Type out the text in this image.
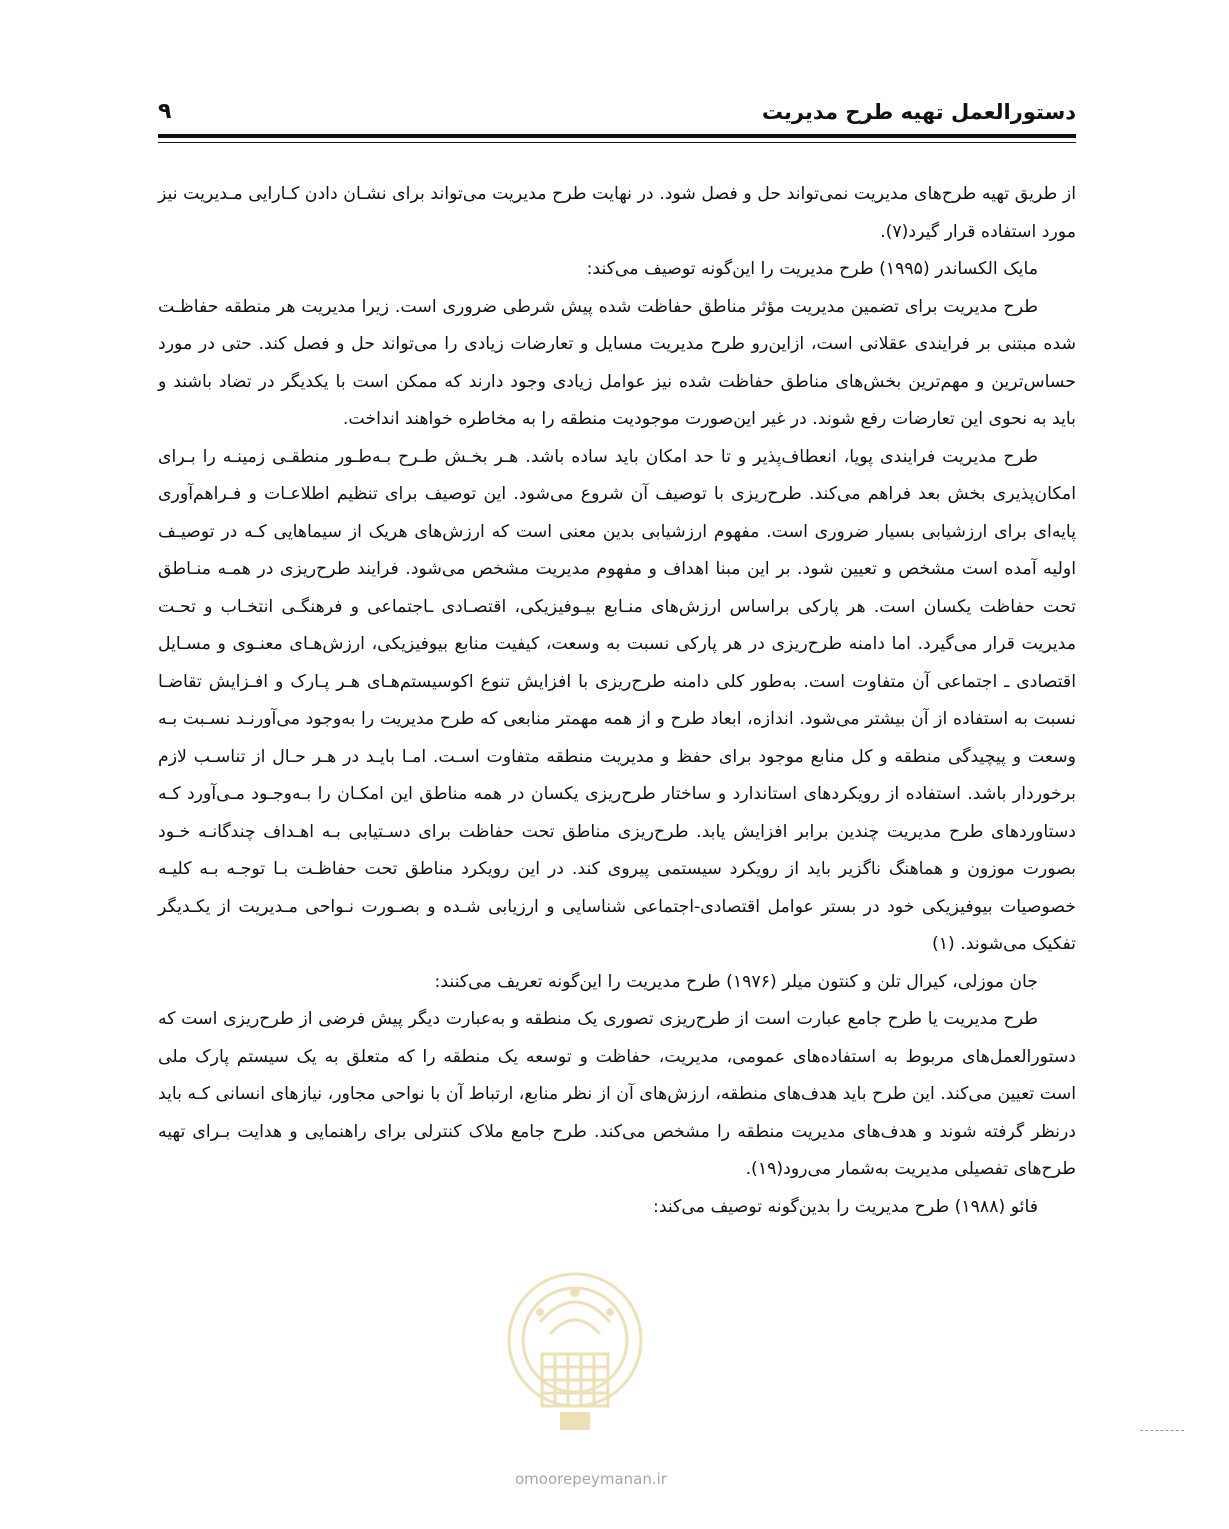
دستورالعمل تهیه طرح مدیریت
۹

از طریق تهیه طرح‌های مدیریت نمی‌تواند حل و فصل شود. در نهایت طرح مدیریت می‌تواند برای نشـان دادن کـارایی مـدیریت نیز مورد استفاده قرار گیرد(۷).

مایک الکساندر (۱۹۹۵) طرح مدیریت را این‌گونه توصیف می‌کند:

طرح مدیریت برای تضمین مدیریت مؤثر مناطق حفاظت شده پیش شرطی ضروری است. زیرا مدیریت هر منطقه حفاظـت شده مبتنی بر فرایندی عقلانی است، ازاین‌رو طرح مدیریت مسایل و تعارضات زیادی را می‌تواند حل و فصل کند. حتی در مورد حساس‌ترین و مهم‌ترین بخش‌های مناطق حفاظت شده نیز عوامل زیادی وجود دارند که ممکن است با یکدیگر در تضاد باشند و باید به نحوی این تعارضات رفع شوند. در غیر این‌صورت موجودیت منطقه را به مخاطره خواهند انداخت.

طرح مدیریت فرایندی پویا، انعطاف‌پذیر و تا حد امکان باید ساده باشد. هـر بخـش طـرح بـه‌طـور منطقـی زمینـه را بـرای امکان‌پذیری بخش بعد فراهم می‌کند. طرح‌ریزی با توصیف آن شروع می‌شود. این توصیف برای تنظیم اطلاعـات و فـراهم‌آوری پایه‌ای برای ارزشیابی بسیار ضروری است. مفهوم ارزشیابی بدین معنی است که ارزش‌های هریک از سیماهایی کـه در توصیـف اولیه آمده است مشخص و تعیین شود. بر این مبنا اهداف و مفهوم مدیریت مشخص می‌شود. فرایند طرح‌ریزی در همـه منـاطق تحت حفاظت یکسان است. هر پارکی براساس ارزش‌های منـابع بیـوفیزیکی، اقتصـادی ـاجتماعی و فرهنگـی انتخـاب و تحـت مدیریت قرار می‌گیرد. اما دامنه طرح‌ریزی در هر پارکی نسبت به وسعت، کیفیت منابع بیوفیزیکی، ارزش‌هـای معنـوی و مسـایل اقتصادی ـ اجتماعی آن متفاوت است. به‌طور کلی دامنه طرح‌ریزی با افزایش تنوع اکوسیستم‌هـای هـر پـارک و افـزایش تقاضـا نسبت به استفاده از آن بیشتر می‌شود. اندازه، ابعاد طرح و از همه مهمتر منابعی که طرح مدیریت را به‌وجود می‌آورنـد نسـبت بـه وسعت و پیچیدگی منطقه و کل منابع موجود برای حفظ و مدیریت منطقه متفاوت اسـت. امـا بایـد در هـر حـال از تناسـب لازم برخوردار باشد. استفاده از رویکردهای استاندارد و ساختار طرح‌ریزی یکسان در همه مناطق این امکـان را بـه‌وجـود مـی‌آورد کـه دستاوردهای طرح مدیریت چندین برابر افزایش یابد. طرح‌ریزی مناطق تحت حفاظت برای دسـتیابی بـه اهـداف چندگانـه خـود بصورت موزون و هماهنگ ناگزیر باید از رویکرد سیستمی پیروی کند. در این رویکرد مناطق تحت حفاظـت بـا توجـه بـه کلیـه خصوصیات بیوفیزیکی خود در بستر عوامل اقتصادی-اجتماعی شناسایی و ارزیابی شـده و بصـورت نـواحی مـدیریت از یکـدیگر تفکیک می‌شوند. (۱)

جان موزلی، کیرال تلن و کنتون میلر (۱۹۷۶) طرح مدیریت را این‌گونه تعریف می‌کنند:

طرح مدیریت یا طرح جامع عبارت است از طرح‌ریزی تصوری یک منطقه و به‌عبارت دیگر پیش فرضی از طرح‌ریزی است که دستورالعمل‌های مربوط به استفاده‌های عمومی، مدیریت، حفاظت و توسعه یک منطقه را که متعلق به یک سیستم پارک ملی است تعیین می‌کند. این طرح باید هدف‌های منطقه، ارزش‌های آن از نظر منابع، ارتباط آن با نواحی مجاور، نیازهای انسانی کـه باید درنظر گرفته شوند و هدف‌های مدیریت منطقه را مشخص می‌کند. طرح جامع ملاک کنترلی برای راهنمایی و هدایت بـرای تهیه طرح‌های تفصیلی مدیریت به‌شمار می‌رود(۱۹).

فائو (۱۹۸۸) طرح مدیریت را بدین‌گونه توصیف می‌کند:

omoorepeymanan.ir
